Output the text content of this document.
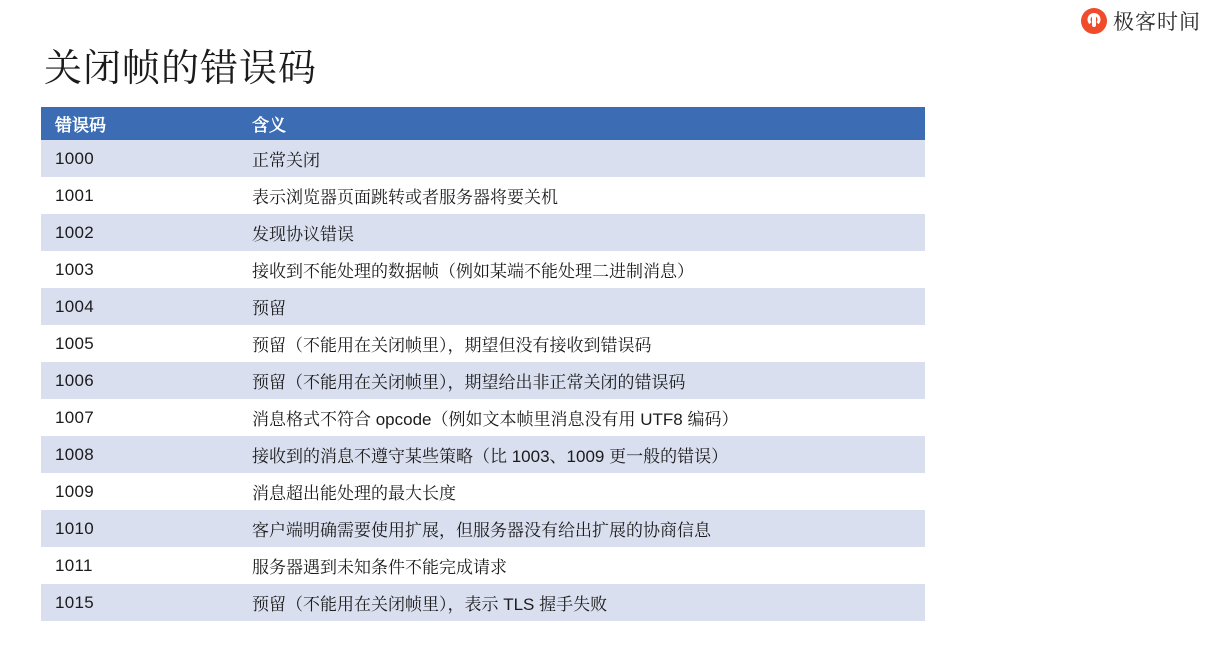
极客时间
关闭帧的错误码
错误码	含义
1000	正常关闭
1001	表示浏览器页面跳转或者服务器将要关机
1002	发现协议错误
1003	接收到不能处理的数据帧（例如某端不能处理二进制消息）
1004	预留
1005	预留（不能用在关闭帧里），期望但没有接收到错误码
1006	预留（不能用在关闭帧里），期望给出非正常关闭的错误码
1007	消息格式不符合 opcode（例如文本帧里消息没有用 UTF8 编码）
1008	接收到的消息不遵守某些策略（比 1003、1009 更一般的错误）
1009	消息超出能处理的最大长度
1010	客户端明确需要使用扩展，但服务器没有给出扩展的协商信息
1011	服务器遇到未知条件不能完成请求
1015	预留（不能用在关闭帧里），表示 TLS 握手失败
